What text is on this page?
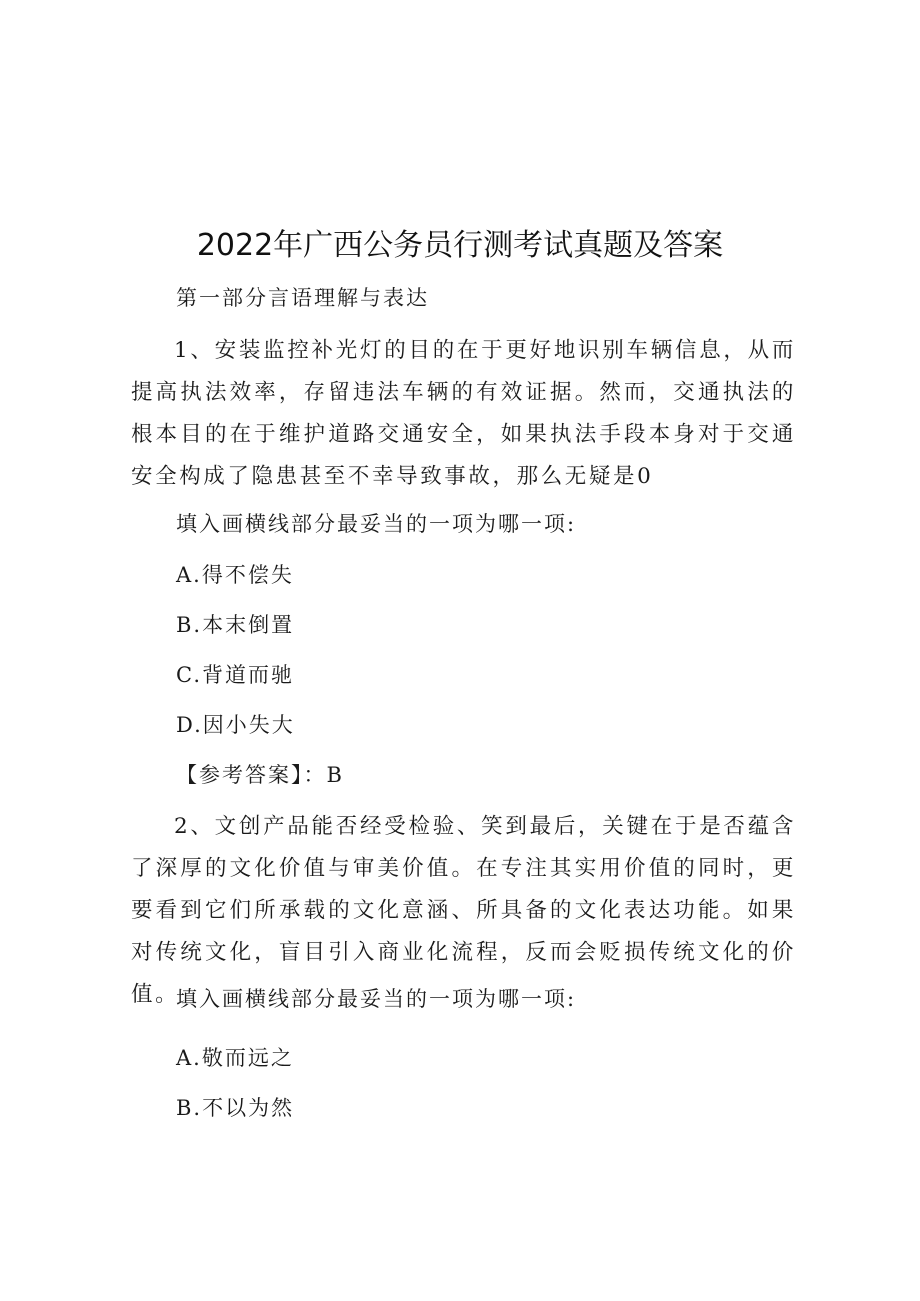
2022年广西公务员行测考试真题及答案
第一部分言语理解与表达
1、安装监控补光灯的目的在于更好地识别车辆信息，从而提高执法效率，存留违法车辆的有效证据。然而，交通执法的根本目的在于维护道路交通安全，如果执法手段本身对于交通安全构成了隐患甚至不幸导致事故，那么无疑是0
填入画横线部分最妥当的一项为哪一项:
A.得不偿失
B.本末倒置
C.背道而驰
D.因小失大
【参考答案】：B
2、文创产品能否经受检验、笑到最后，关键在于是否蕴含了深厚的文化价值与审美价值。在专注其实用价值的同时，更要看到它们所承载的文化意涵、所具备的文化表达功能。如果对传统文化，盲目引入商业化流程，反而会贬损传统文化的价值。
填入画横线部分最妥当的一项为哪一项:
A.敬而远之
B.不以为然
